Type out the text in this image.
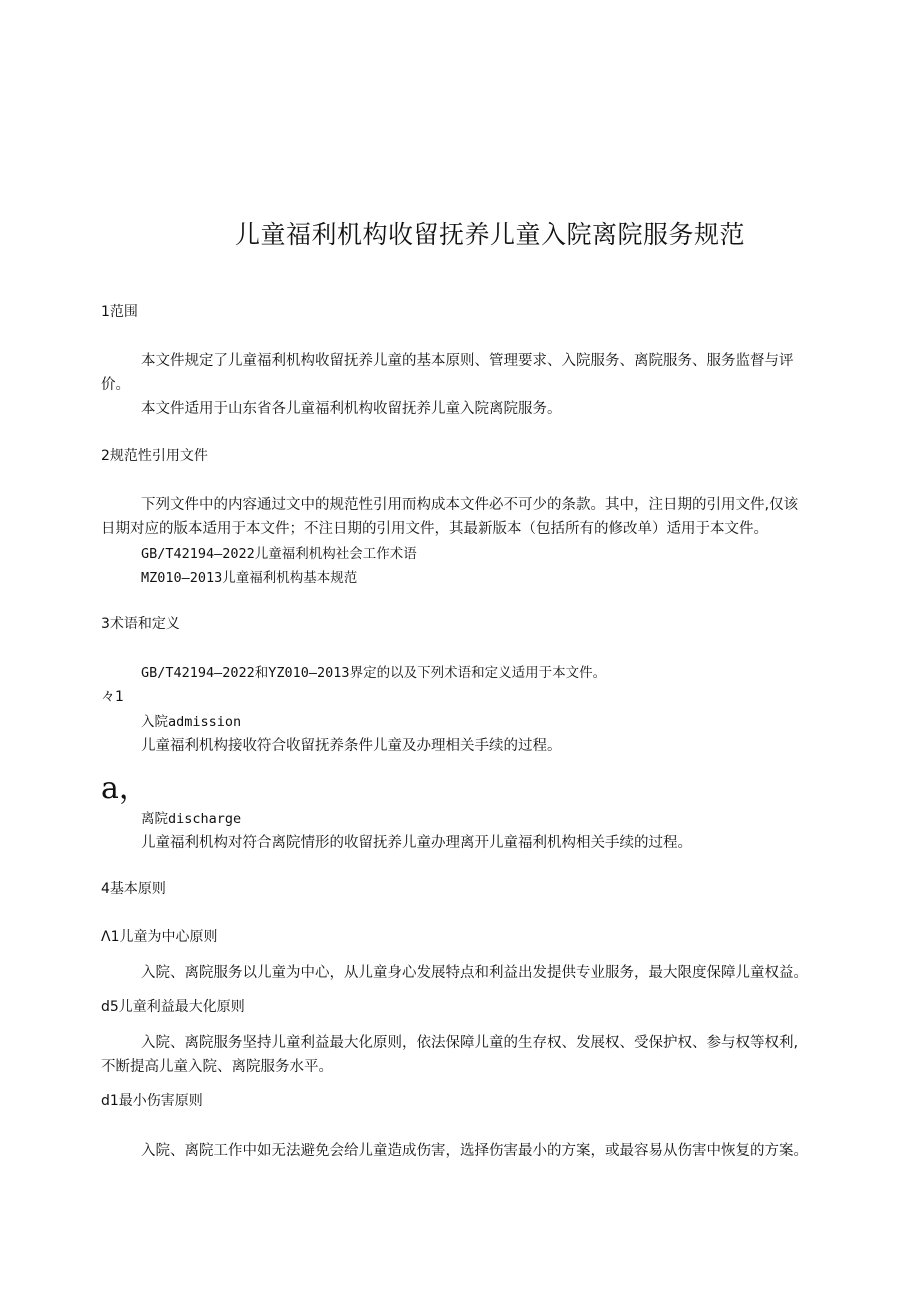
儿童福利机构收留抚养儿童入院离院服务规范
1范围
本文件规定了儿童福利机构收留抚养儿童的基本原则、管理要求、入院服务、离院服务、服务监督与评
价。
本文件适用于山东省各儿童福利机构收留抚养儿童入院离院服务。
2规范性引用文件
下列文件中的内容通过文中的规范性引用而构成本文件必不可少的条款。其中，注日期的引用文件,仅该
日期对应的版本适用于本文件；不注日期的引用文件，其最新版本（包括所有的修改单）适用于本文件。
GB/T42194—2022儿童福利机构社会工作术语
MZ010—2013儿童福利机构基本规范
3术语和定义
GB/T42194—2022和YZ010—2013界定的以及下列术语和定义适用于本文件。
々1
入院admission
儿童福利机构接收符合收留抚养条件儿童及办理相关手续的过程。
a，
离院discharge
儿童福利机构对符合离院情形的收留抚养儿童办理离开儿童福利机构相关手续的过程。
4基本原则
Λ1儿童为中心原则
入院、离院服务以儿童为中心，从儿童身心发展特点和利益出发提供专业服务，最大限度保障儿童权益。
d5儿童利益最大化原则
入院、离院服务坚持儿童利益最大化原则，依法保障儿童的生存权、发展权、受保护权、参与权等权利,
不断提高儿童入院、离院服务水平。
d1最小伤害原则
入院、离院工作中如无法避免会给儿童造成伤害，选择伤害最小的方案，或最容易从伤害中恢复的方案。
